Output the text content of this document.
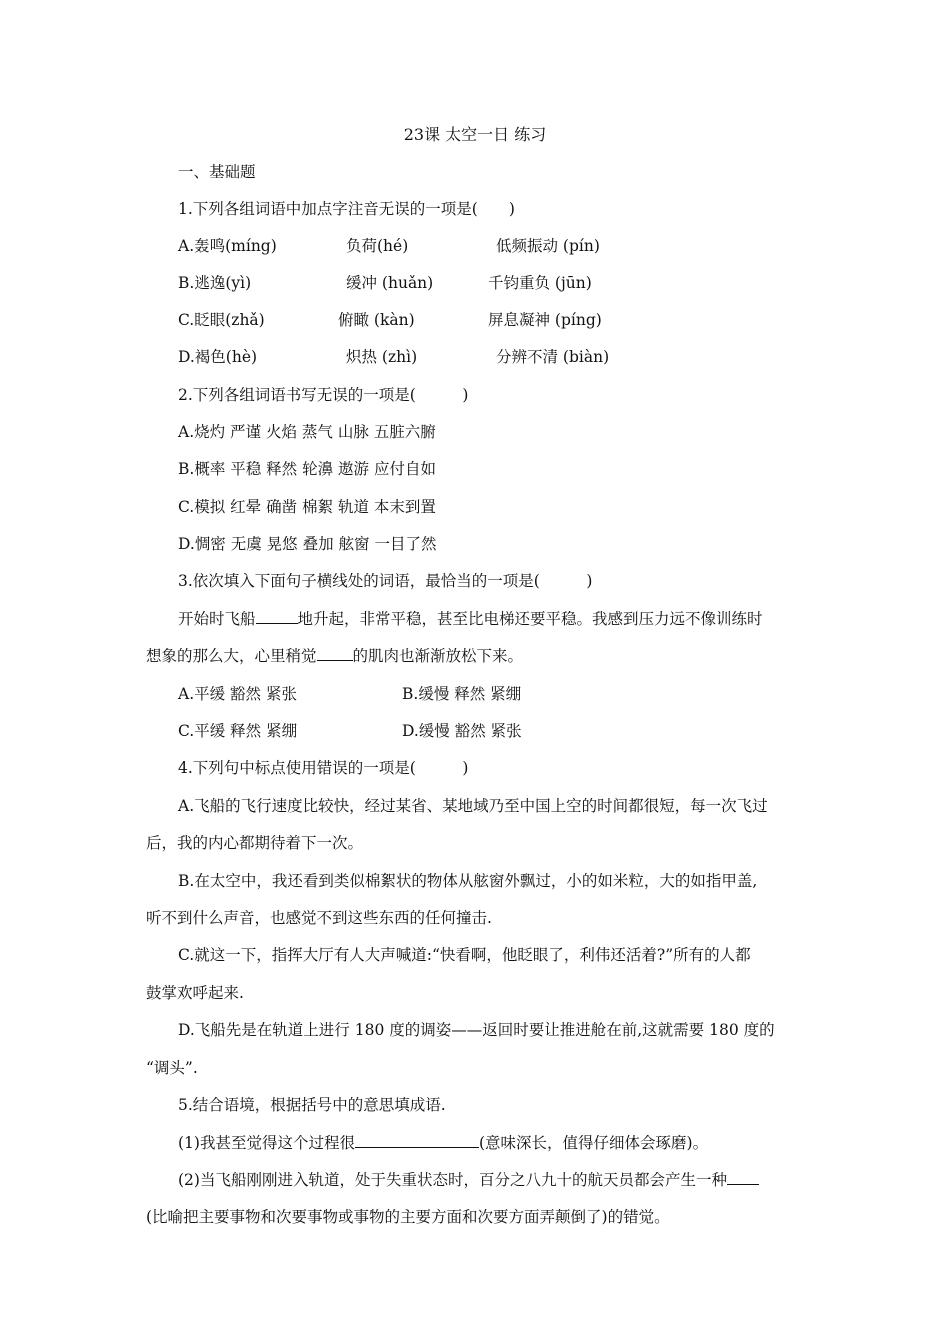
23课 太空一日 练习
一、基础题
1.下列各组词语中加点字注音无误的一项是(　　)
A.轰鸣(míng)	负荷(hé)	低频振动 (pín)
B.逃逸(yì)	缓冲 (huǎn)	千钧重负 (jūn)
C.眨眼(zhǎ)	俯瞰 (kàn)	屏息凝神 (píng)
D.褐色(hè)	炽热 (zhì)	分辨不清 (biàn)
2.下列各组词语书写无误的一项是(　　　)
A.烧灼 严谨 火焰 蒸气 山脉 五脏六腑
B.概率 平稳 释然 轮濞 遨游 应付自如
C.模拟 红晕 确凿 棉絮 轨道 本末到置
D.惆密 无虞 晃悠 叠加 舷窗 一目了然
3.依次填入下面句子横线处的词语，最恰当的一项是(　　　)
开始时飞船	地升起，非常平稳，甚至比电梯还要平稳。我感到压力远不像训练时
想象的那么大，心里稍觉 的肌肉也渐渐放松下来。
A.平缓 豁然 紧张	B.缓慢 释然 紧绷
C.平缓 释然 紧绷	D.缓慢 豁然 紧张
4.下列句中标点使用错误的一项是(　　　)
A.飞船的飞行速度比较快，经过某省、某地域乃至中国上空的时间都很短，每一次飞过
后，我的内心都期待着下一次。
B.在太空中，我还看到类似棉絮状的物体从舷窗外飘过，小的如米粒，大的如指甲盖,
听不到什么声音，也感觉不到这些东西的任何撞击.
C.就这一下，指挥大厅有人大声喊道:“快看啊，他眨眼了，利伟还活着?”所有的人都
鼓掌欢呼起来.
D.飞船先是在轨道上进行 180 度的调姿——返回时要让推进舱在前,这就需要 180 度的
“调头”.
5.结合语境，根据括号中的意思填成语.
(1)我甚至觉得这个过程很	(意味深长，值得仔细体会琢磨)。
(2)当飞船刚刚进入轨道，处于失重状态时，百分之八九十的航天员都会产生一种
(比喻把主要事物和次要事物或事物的主要方面和次要方面弄颠倒了)的错觉。
